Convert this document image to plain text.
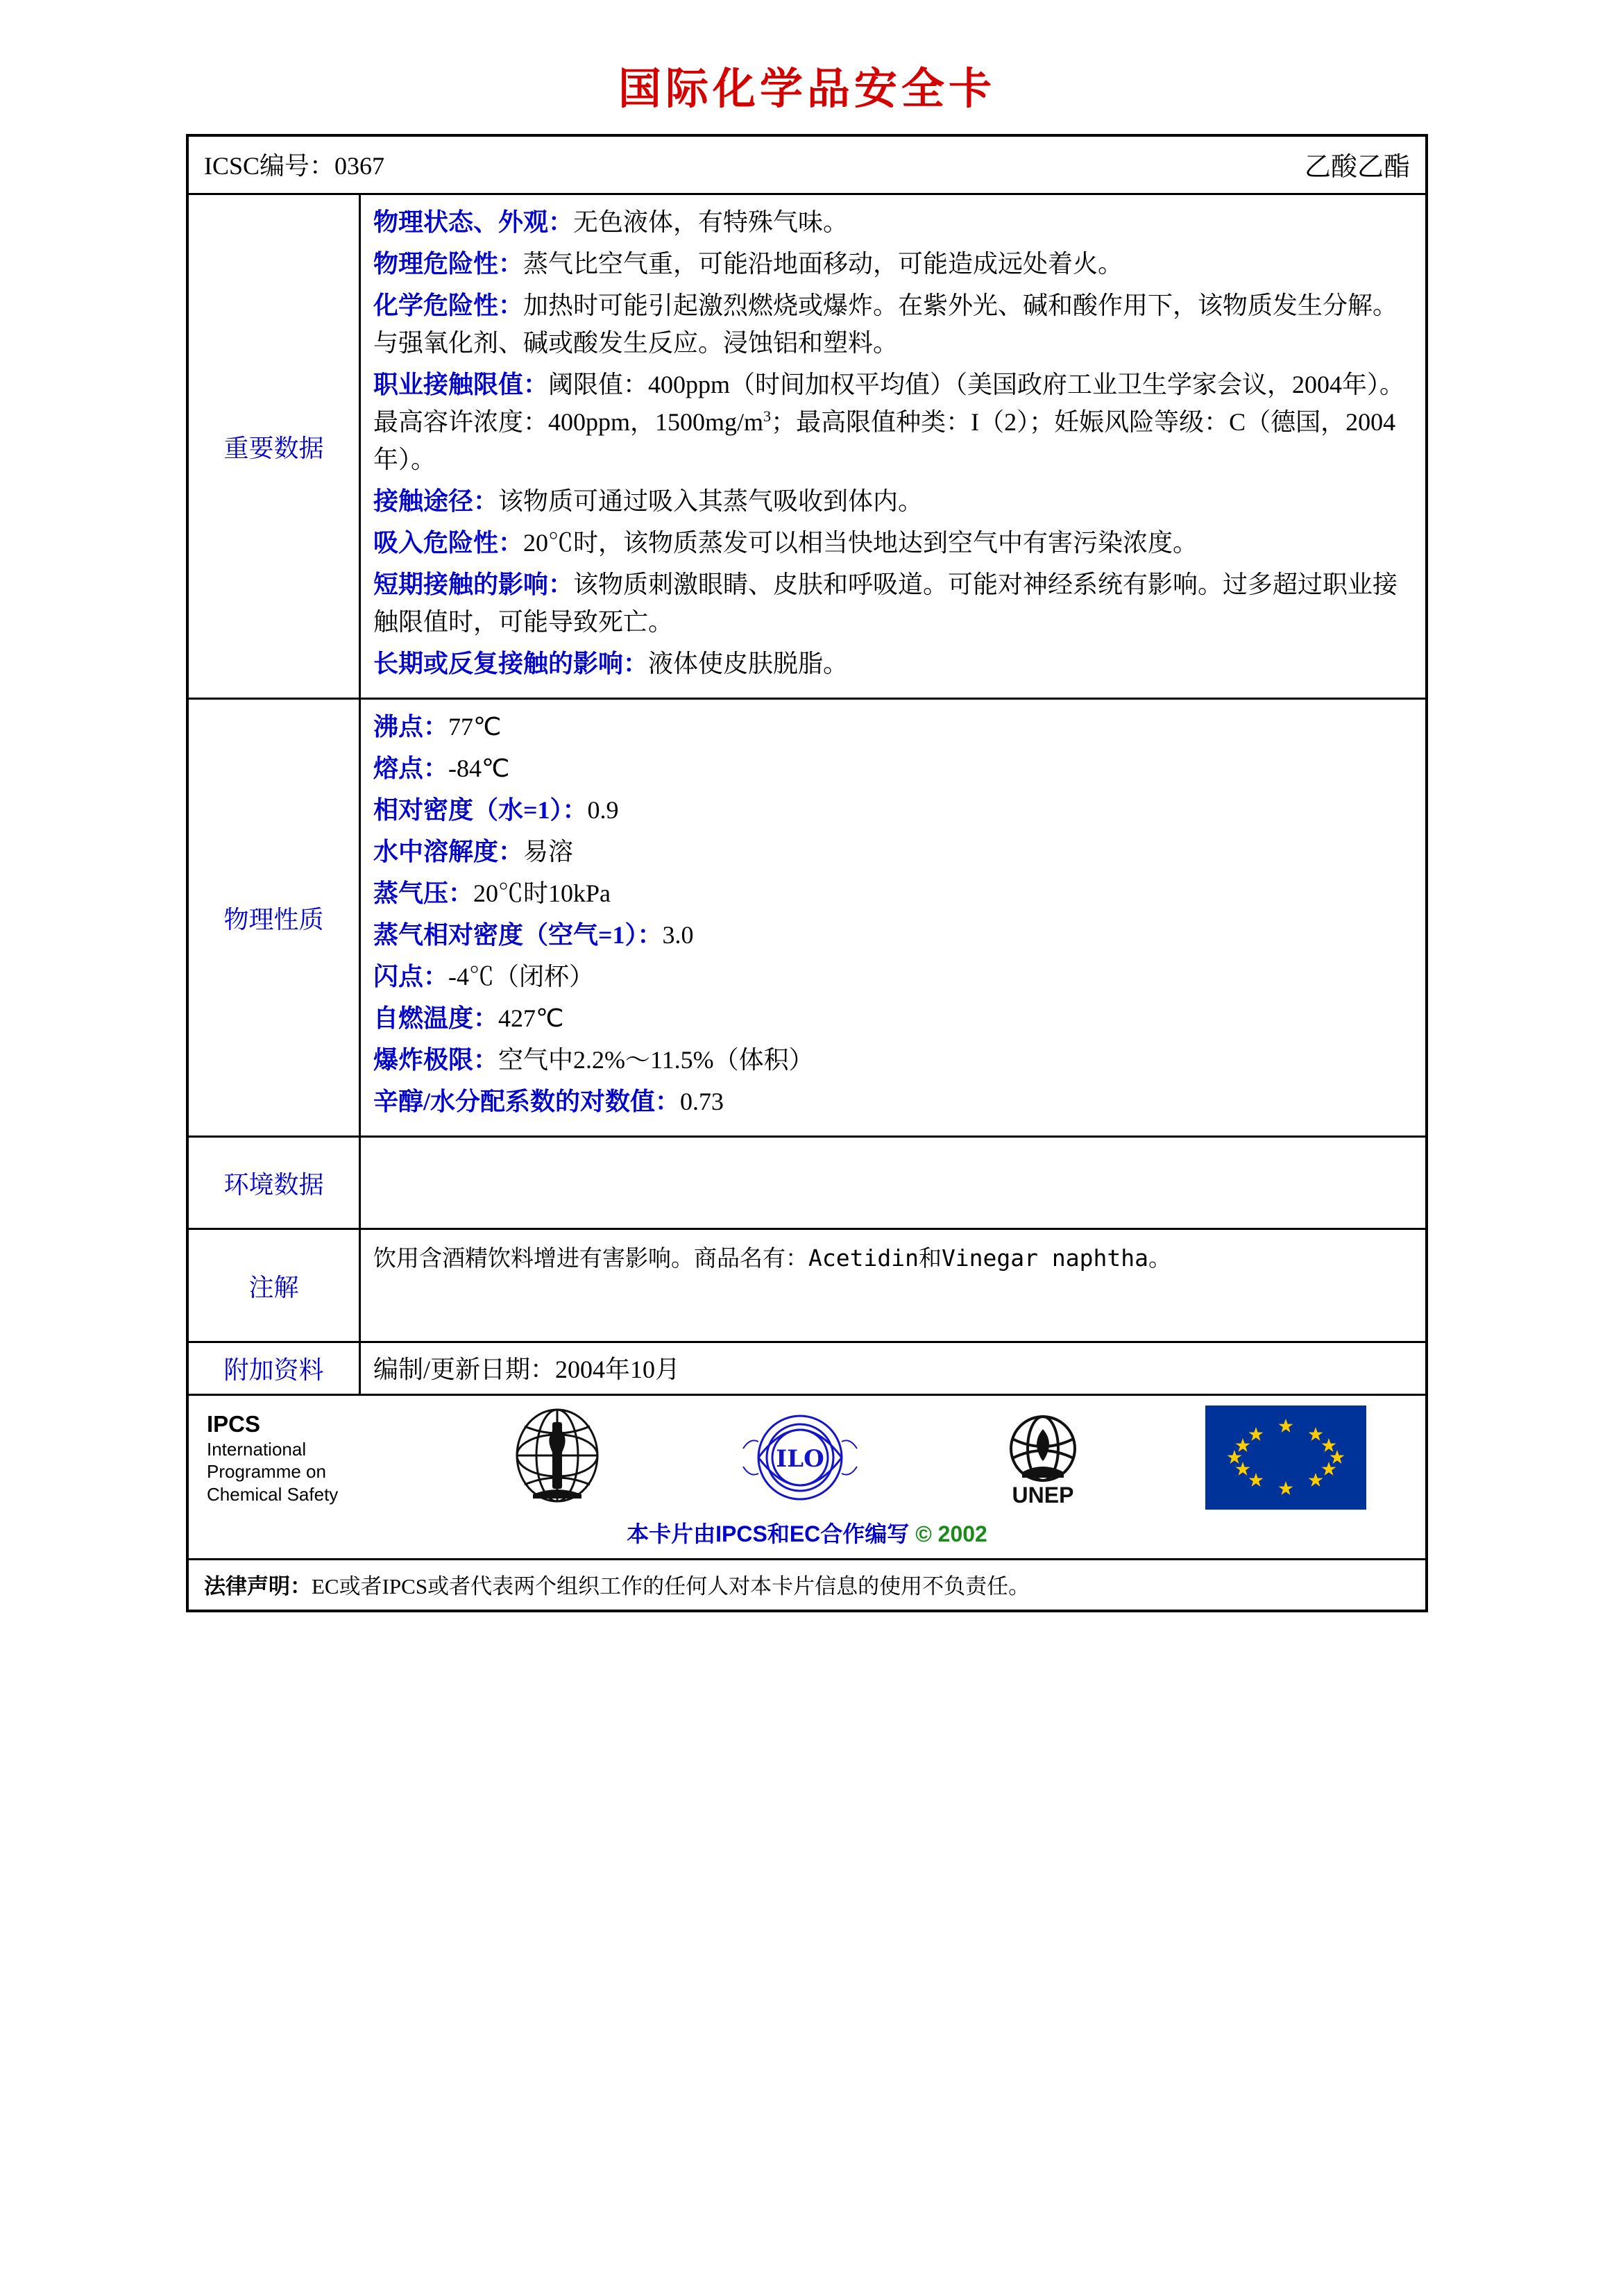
国际化学品安全卡
ICSC编号：0367	乙酸乙酯
重要数据

物理状态、外观：无色液体，有特殊气味。

物理危险性：蒸气比空气重，可能沿地面移动，可能造成远处着火。

化学危险性：加热时可能引起激烈燃烧或爆炸。在紫外光、碱和酸作用下，该物质发生分解。与强氧化剂、碱或酸发生反应。浸蚀铝和塑料。

职业接触限值：阈限值：400ppm（时间加权平均值）（美国政府工业卫生学家会议，2004年）。最高容许浓度：400ppm，$1500mg/m^3$；最高限值种类：I（2）；妊娠风险等级：C（德国，2004年）。

接触途径：该物质可通过吸入其蒸气吸收到体内。

吸入危险性：20℃时，该物质蒸发可以相当快地达到空气中有害污染浓度。

短期接触的影响：该物质刺激眼睛、皮肤和呼吸道。可能对神经系统有影响。过多超过职业接触限值时，可能导致死亡。

长期或反复接触的影响：液体使皮肤脱脂。

物理性质

沸点：77℃

熔点：-84℃

相对密度（水=1）：0.9

水中溶解度：易溶

蒸气压：20℃时10kPa

蒸气相对密度（空气=1）：3.0

闪点：-4℃（闭杯）

自燃温度：427℃

爆炸极限：空气中2.2%～11.5%（体积）

辛醇/水分配系数的对数值：0.73

环境数据
注解

饮用含酒精饮料增进有害影响。商品名有：Acetidin和Vinegar naphtha。

附加资料	编制/更新日期：2004年10月
IPCS
International
Programme on
Chemical Safety
ILO
UNEP
本卡片由IPCS和EC合作编写 © 2002
法律声明：EC或者IPCS或者代表两个组织工作的任何人对本卡片信息的使用不负责任。
